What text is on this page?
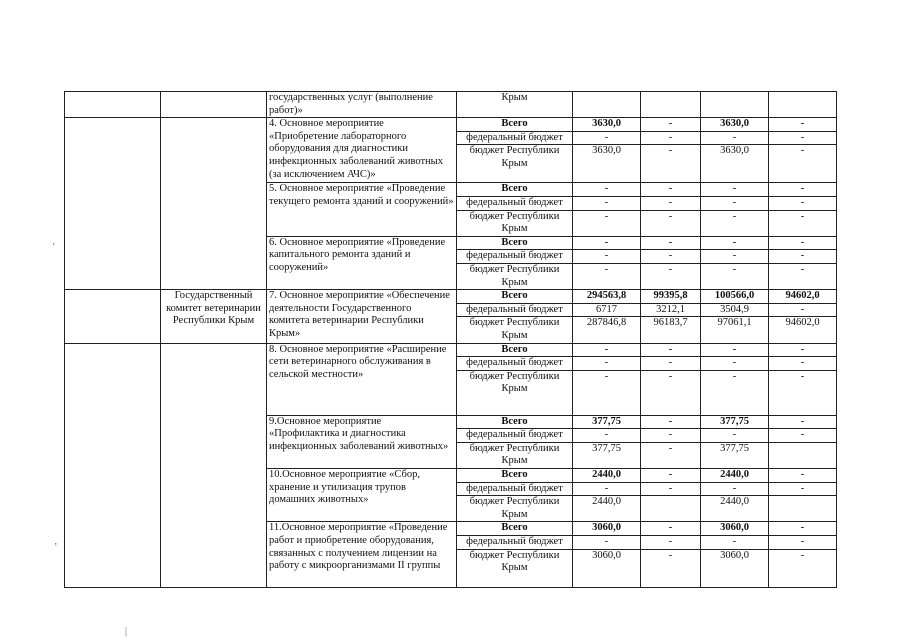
		государственных услуг (выполнение работ)»	Крым				
		4. Основное мероприятие «Приобретение лабораторного оборудования для диагностики инфекционных заболеваний животных (за исключением АЧС)»	Всего	3630,0	-	3630,0	-
			федеральный бюджет	-	-	-	-
			бюджет Республики Крым	3630,0	-	3630,0	-
		5. Основное мероприятие «Проведение текущего ремонта зданий и сооружений»	Всего	-	-	-	-
			федеральный бюджет	-	-	-	-
			бюджет Республики Крым	-	-	-	-
		6. Основное мероприятие «Проведение капитального ремонта зданий и сооружений»	Всего	-	-	-	-
			федеральный бюджет	-	-	-	-
			бюджет Республики Крым	-	-	-	-
	Государственный комитет ветеринарии Республики Крым	7. Основное мероприятие «Обеспечение деятельности Государственного комитета ветеринарии Республики Крым»	Всего	294563,8	99395,8	100566,0	94602,0
			федеральный бюджет	6717	3212,1	3504,9	-
			бюджет Республики Крым	287846,8	96183,7	97061,1	94602,0
		8. Основное мероприятие «Расширение сети ветеринарного обслуживания в сельской местности»	Всего	-	-	-	-
			федеральный бюджет	-	-	-	-
			бюджет Республики Крым	-	-	-	-
		9.Основное мероприятие «Профилактика и диагностика инфекционных заболеваний животных»	Всего	377,75	-	377,75	-
			федеральный бюджет	-	-	-	-
			бюджет Республики Крым	377,75	-	377,75	
		10.Основное мероприятие «Сбор, хранение и утилизация трупов домашних животных»	Всего	2440,0	-	2440,0	-
			федеральный бюджет	-	-	-	-
			бюджет Республики Крым	2440,0		2440,0	
		11.Основное мероприятие «Проведение работ и приобретение оборудования, связанных с получением лицензии на работу с микроорганизмами II группы	Всего	3060,0	-	3060,0	-
			федеральный бюджет	-	-	-	-
			бюджет Республики Крым	3060,0	-	3060,0	-
‚
‚
|
